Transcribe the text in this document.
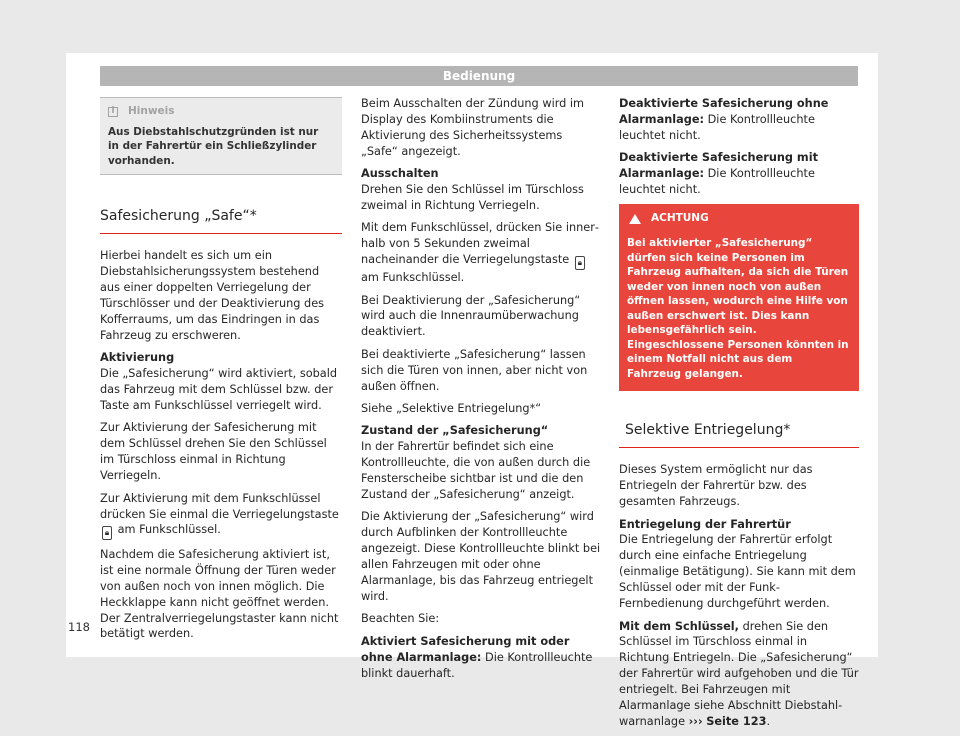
Bedienung
i	Hinweis
Aus Diebstahlschutzgründen ist nur in der Fahrertür ein Schließzylinder vorhanden.
Safesicherung „Safe“*

Hierbei handelt es sich um ein Diebstahlsicherungssystem bestehend aus einer doppelten Verriegelung der Türschlösser und der Deaktivierung des Kofferraums, um das Eindringen in das Fahrzeug zu erschweren.

Aktivierung

Die „Safesicherung“ wird aktiviert, sobald das Fahrzeug mit dem Schlüssel bzw. der Taste am Funkschlüssel verriegelt wird.

Zur Aktivierung der Safesicherung mit dem Schlüssel drehen Sie den Schlüssel im Türschloss einmal in Richtung Verriegeln.

Zur Aktivierung mit dem Funkschlüssel drücken Sie einmal die Verriegelungstaste 🔒︎ am Funkschlüssel.

Nachdem die Safesicherung aktiviert ist, ist eine normale Öffnung der Türen weder von außen noch von innen möglich. Die Heckklappe kann nicht geöffnet werden. Der Zentralverriegelungstaster kann nicht betätigt werden.

Beim Ausschalten der Zündung wird im Display des Kombiinstruments die Aktivierung des Sicherheitssystems „Safe“ angezeigt.

Ausschalten

Drehen Sie den Schlüssel im Türschloss zweimal in Richtung Verriegeln.

Mit dem Funkschlüssel, drücken Sie innerhalb von 5 Sekunden zweimal nacheinander die Verriegelungstaste 🔒︎ am Funkschlüssel.

Bei Deaktivierung der „Safesicherung“ wird auch die Innenraumüberwachung deaktiviert.

Bei deaktivierte „Safesicherung“ lassen sich die Türen von innen, aber nicht von außen öffnen.

Siehe „Selektive Entriegelung*“

Zustand der „Safesicherung“

In der Fahrertür befindet sich eine Kontrollleuchte, die von außen durch die Fensterscheibe sichtbar ist und die den Zustand der „Safesicherung“ anzeigt.

Die Aktivierung der „Safesicherung“ wird durch Aufblinken der Kontrollleuchte angezeigt. Diese Kontrollleuchte blinkt bei allen Fahrzeugen mit oder ohne Alarmanlage, bis das Fahrzeug entriegelt wird.

Beachten Sie:

Aktiviert Safesicherung mit oder ohne Alarmanlage: Die Kontrollleuchte blinkt dauerhaft.

Deaktivierte Safesicherung ohne Alarmanlage: Die Kontrollleuchte leuchtet nicht.

Deaktivierte Safesicherung mit Alarmanlage: Die Kontrollleuchte leuchtet nicht.

ACHTUNG
Bei aktivierter „Safesicherung“ dürfen sich keine Personen im Fahrzeug aufhalten, da sich die Türen weder von innen noch von außen öffnen lassen, wodurch eine Hilfe von außen erschwert ist. Dies kann lebensgefährlich sein. Eingeschlossene Personen könnten in einem Notfall nicht aus dem Fahrzeug gelangen.
Selektive Entriegelung*

Dieses System ermöglicht nur das Entriegeln der Fahrertür bzw. des gesamten Fahrzeugs.

Entriegelung der Fahrertür

Die Entriegelung der Fahrertür erfolgt durch eine einfache Entriegelung (einmalige Betätigung). Sie kann mit dem Schlüssel oder mit der Funk-Fernbedienung durchgeführt werden.

Mit dem Schlüssel, drehen Sie den Schlüssel im Türschloss einmal in Richtung Entriegeln. Die „Safesicherung“ der Fahrertür wird aufgehoben und die Tür entriegelt. Bei Fahrzeugen mit Alarmanlage siehe Abschnitt Diebstahlwarnanlage ››› Seite 123.

118
